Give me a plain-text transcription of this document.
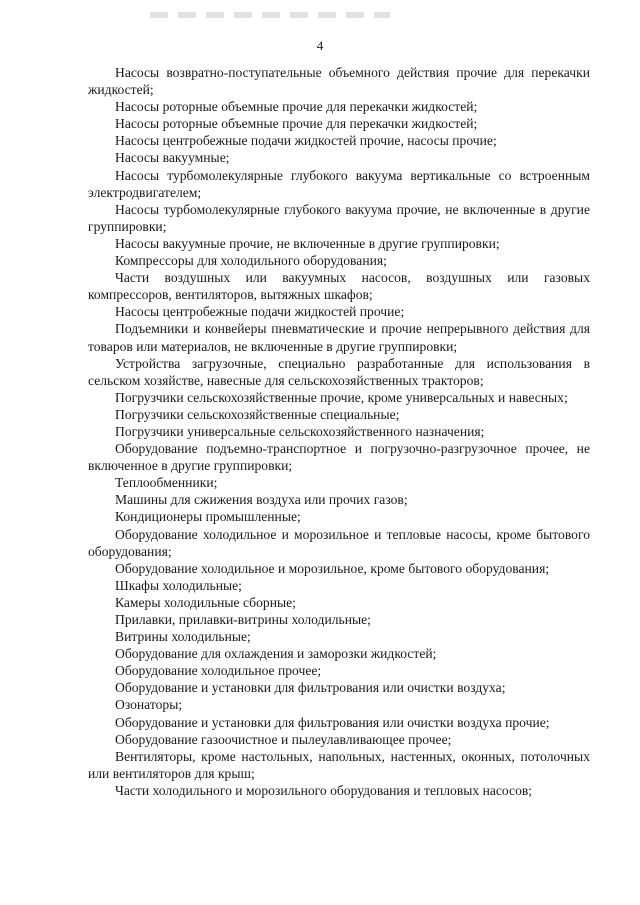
4

Насосы возвратно-поступательные объемного действия прочие для перекачки жидкостей;

Насосы роторные объемные прочие для перекачки жидкостей;

Насосы роторные объемные прочие для перекачки жидкостей;

Насосы центробежные подачи жидкостей прочие, насосы прочие;

Насосы вакуумные;

Насосы турбомолекулярные глубокого вакуума вертикальные со встроенным электродвигателем;

Насосы турбомолекулярные глубокого вакуума прочие, не включенные в другие группировки;

Насосы вакуумные прочие, не включенные в другие группировки;

Компрессоры для холодильного оборудования;

Части воздушных или вакуумных насосов, воздушных или газовых компрессоров, вентиляторов, вытяжных шкафов;

Насосы центробежные подачи жидкостей прочие;

Подъемники и конвейеры пневматические и прочие непрерывного действия для товаров или материалов, не включенные в другие группировки;

Устройства загрузочные, специально разработанные для использования в сельском хозяйстве, навесные для сельскохозяйственных тракторов;

Погрузчики сельскохозяйственные прочие, кроме универсальных и навесных;

Погрузчики сельскохозяйственные специальные;

Погрузчики универсальные сельскохозяйственного назначения;

Оборудование подъемно-транспортное и погрузочно-разгрузочное прочее, не включенное в другие группировки;

Теплообменники;

Машины для сжижения воздуха или прочих газов;

Кондиционеры промышленные;

Оборудование холодильное и морозильное и тепловые насосы, кроме бытового оборудования;

Оборудование холодильное и морозильное, кроме бытового оборудования;

Шкафы холодильные;

Камеры холодильные сборные;

Прилавки, прилавки-витрины холодильные;

Витрины холодильные;

Оборудование для охлаждения и заморозки жидкостей;

Оборудование холодильное прочее;

Оборудование и установки для фильтрования или очистки воздуха;

Озонаторы;

Оборудование и установки для фильтрования или очистки воздуха прочие;

Оборудование газоочистное и пылеулавливающее прочее;

Вентиляторы, кроме настольных, напольных, настенных, оконных, потолочных или вентиляторов для крыш;

Части холодильного и морозильного оборудования и тепловых насосов;
